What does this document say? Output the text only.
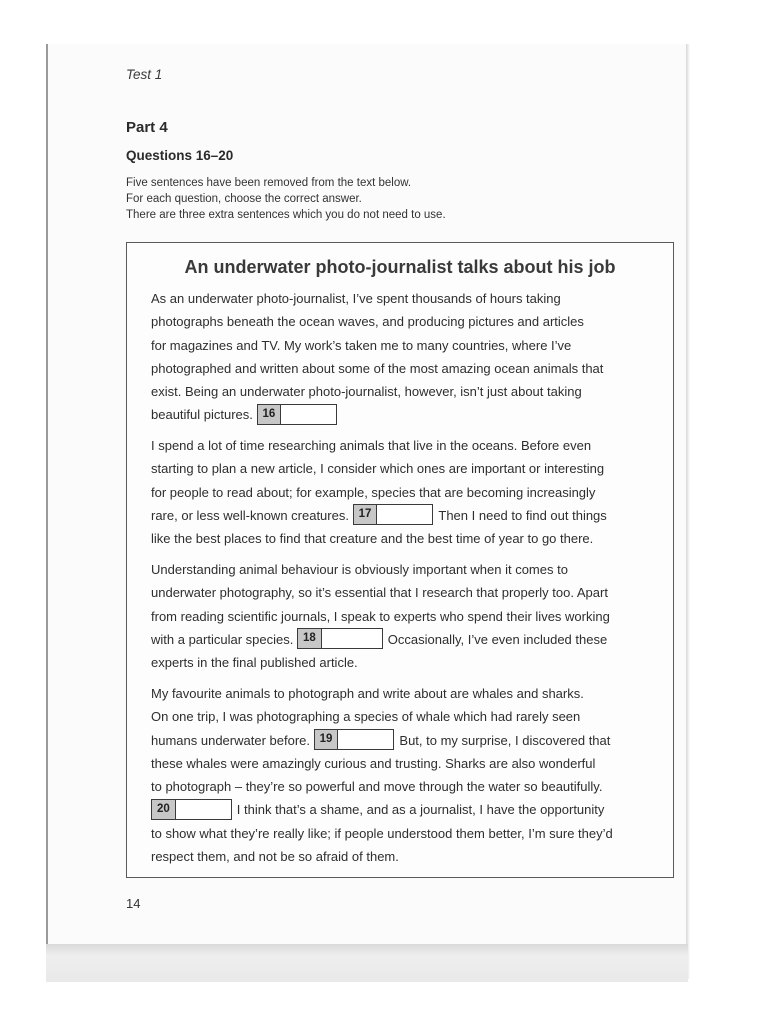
Test 1
Part 4
Questions 16–20
Five sentences have been removed from the text below.
For each question, choose the correct answer.
There are three extra sentences which you do not need to use.
An underwater photo-journalist talks about his job
As an underwater photo-journalist, I’ve spent thousands of hours taking
photographs beneath the ocean waves, and producing pictures and articles
for magazines and TV. My work’s taken me to many countries, where I’ve
photographed and written about some of the most amazing ocean animals that
exist. Being an underwater photo-journalist, however, isn’t just about taking
beautiful pictures. 16
I spend a lot of time researching animals that live in the oceans. Before even
starting to plan a new article, I consider which ones are important or interesting
for people to read about; for example, species that are becoming increasingly
rare, or less well-known creatures. 17	Then I need to find out things
like the best places to find that creature and the best time of year to go there.
Understanding animal behaviour is obviously important when it comes to
underwater photography, so it’s essential that I research that properly too. Apart
from reading scientific journals, I speak to experts who spend their lives working
with a particular species. 18	Occasionally, I’ve even included these
experts in the final published article.
My favourite animals to photograph and write about are whales and sharks.
On one trip, I was photographing a species of whale which had rarely seen
humans underwater before. 19	But, to my surprise, I discovered that
these whales were amazingly curious and trusting. Sharks are also wonderful
to photograph – they’re so powerful and move through the water so beautifully.
20	I think that’s a shame, and as a journalist, I have the opportunity
to show what they’re really like; if people understood them better, I’m sure they’d
respect them, and not be so afraid of them.
14
